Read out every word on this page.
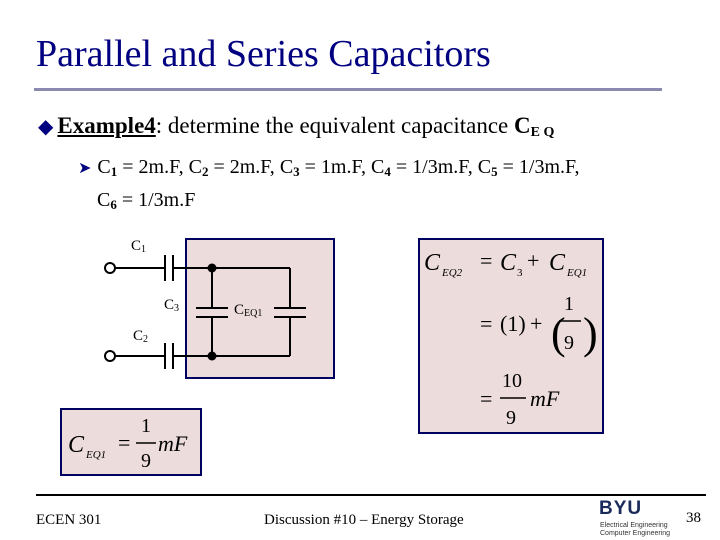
Parallel and Series Capacitors
◆ Example4: determine the equivalent capacitance $C_{E Q}$
➤ $C_1 = 2m.F$, $C_2 = 2m.F$, $C_3 = 1m.F$, $C_4 = 1/3m.F$, $C_5 = 1/3m.F$,
$C_6 = 1/3m.F$
$C_1$
$C_2$
$C_3$	$C_{EQ1}$
C EQ1 =
1
9
mF
C EQ2 = C 3 + C EQ1
= (1) + (
1
9 )
=
10
9
mF
ECEN 301	Discussion #10 – Energy Storage
BYU
Electrical Engineering
Computer Engineering
38
